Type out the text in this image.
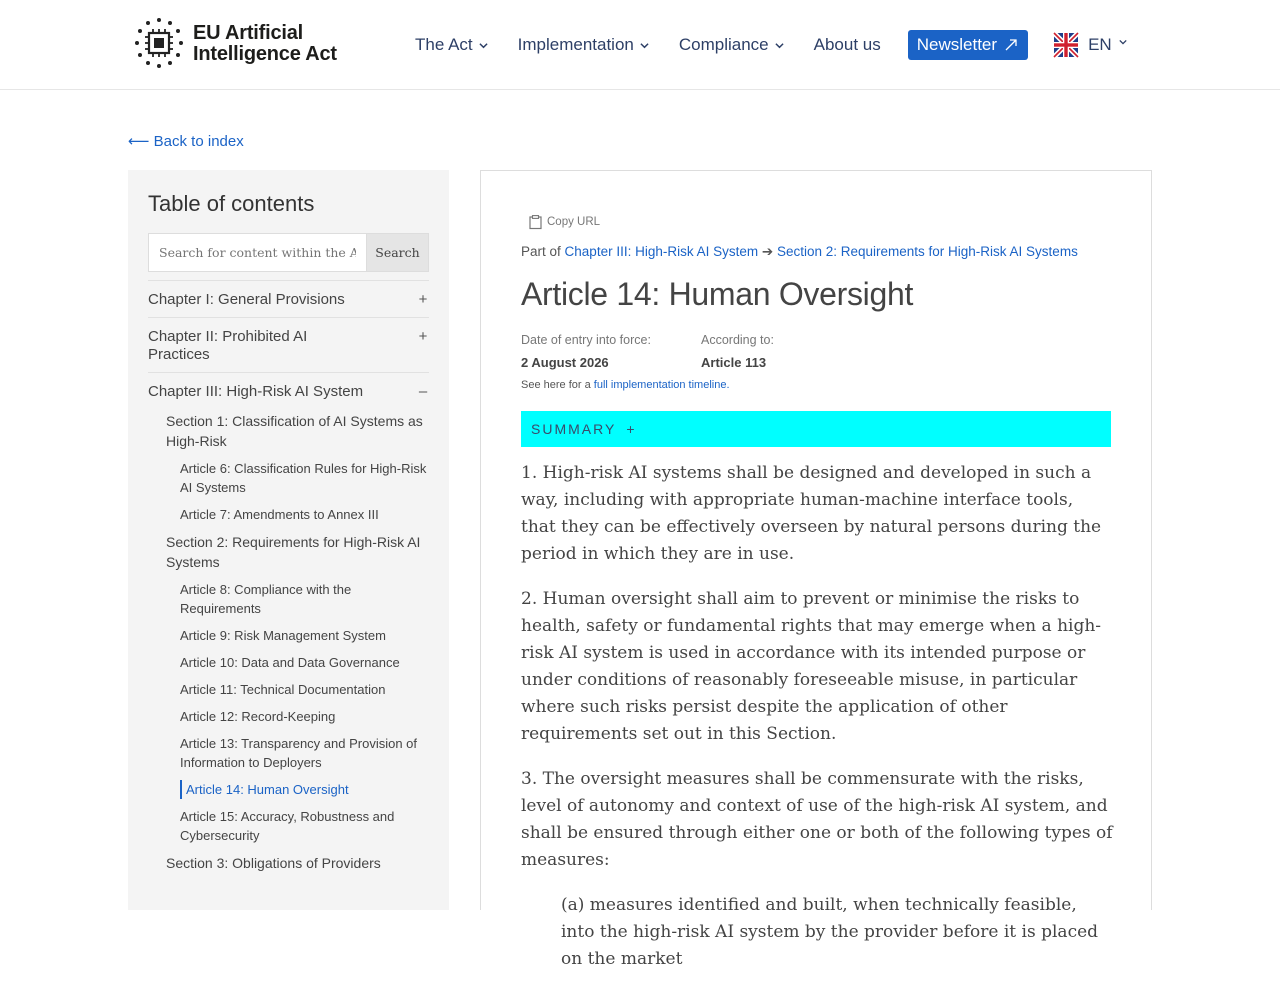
EU Artificial
Intelligence Act	The Act	Implementation	Compliance	About us Newsletter	EN
⟵ Back to index
Table of contents
Search for content within the Act
Search
Chapter I: General Provisions	+
Chapter II: Prohibited AI Practices
+
Chapter III: High-Risk AI System	–
Section 1: Classification of AI Systems as High-Risk
Article 6: Classification Rules for High-Risk AI Systems
Article 7: Amendments to Annex III
Section 2: Requirements for High-Risk AI Systems
Article 8: Compliance with the Requirements
Article 9: Risk Management System
Article 10: Data and Data Governance
Article 11: Technical Documentation
Article 12: Record-Keeping
Article 13: Transparency and Provision of Information to Deployers
Article 14: Human Oversight
Article 15: Accuracy, Robustness and Cybersecurity
Section 3: Obligations of Providers
Copy URL
Part of Chapter III: High-Risk AI System ➔ Section 2: Requirements for High-Risk AI Systems
Article 14: Human Oversight
Date of entry into force:
2 August 2026
According to:
Article 113
See here for a full implementation timeline.
SUMMARY +

1. High-risk AI systems shall be designed and developed in such a way, including with appropriate human-machine interface tools, that they can be effectively overseen by natural persons during the period in which they are in use.

2. Human oversight shall aim to prevent or minimise the risks to health, safety or fundamental rights that may emerge when a high-risk AI system is used in accordance with its intended purpose or under conditions of reasonably foreseeable misuse, in particular where such risks persist despite the application of other requirements set out in this Section.

3. The oversight measures shall be commensurate with the risks, level of autonomy and context of use of the high-risk AI system, and shall be ensured through either one or both of the following types of measures:

(a) measures identified and built, when technically feasible, into the high-risk AI system by the provider before it is placed on the market
